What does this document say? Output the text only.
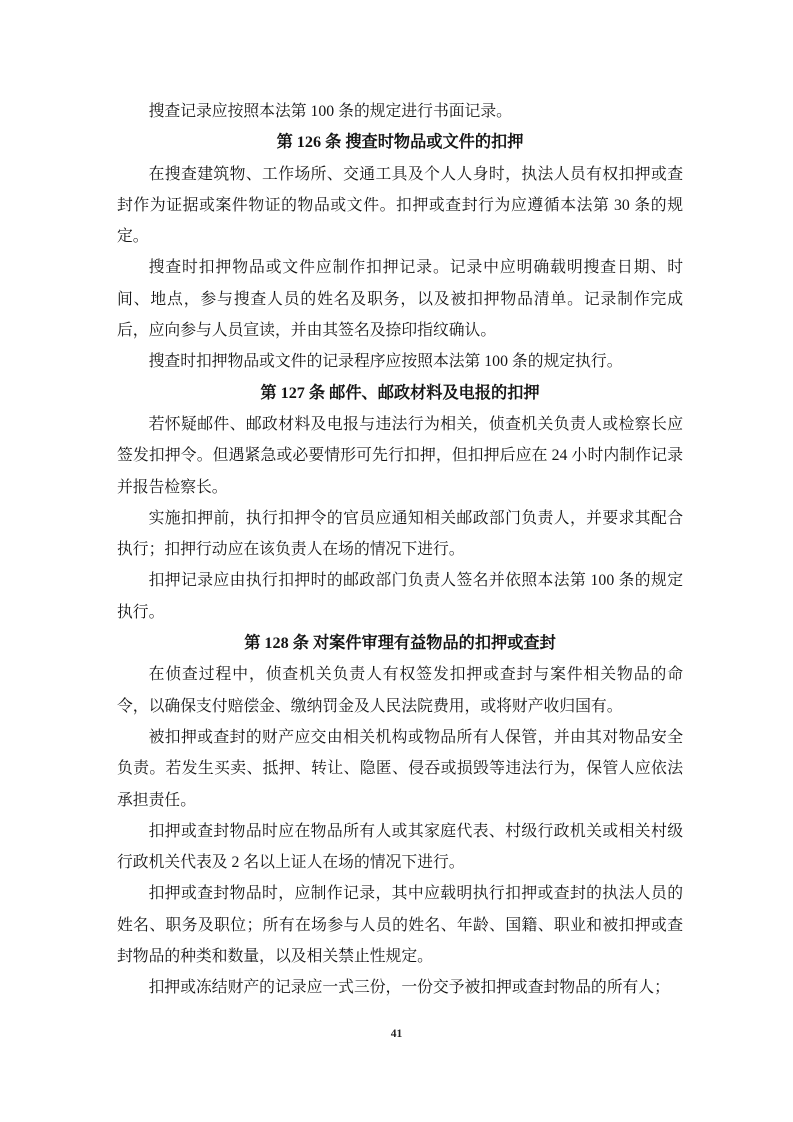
搜查记录应按照本法第 100 条的规定进行书面记录。

第 126 条 搜查时物品或文件的扣押

在搜查建筑物、工作场所、交通工具及个人人身时，执法人员有权扣押或查封作为证据或案件物证的物品或文件。扣押或查封行为应遵循本法第 30 条的规定。

搜查时扣押物品或文件应制作扣押记录。记录中应明确载明搜查日期、时间、地点，参与搜查人员的姓名及职务，以及被扣押物品清单。记录制作完成后，应向参与人员宣读，并由其签名及捺印指纹确认。

搜查时扣押物品或文件的记录程序应按照本法第 100 条的规定执行。

第 127 条 邮件、邮政材料及电报的扣押

若怀疑邮件、邮政材料及电报与违法行为相关，侦查机关负责人或检察长应签发扣押令。但遇紧急或必要情形可先行扣押，但扣押后应在 24 小时内制作记录并报告检察长。

实施扣押前，执行扣押令的官员应通知相关邮政部门负责人，并要求其配合执行；扣押行动应在该负责人在场的情况下进行。

扣押记录应由执行扣押时的邮政部门负责人签名并依照本法第 100 条的规定执行。

第 128 条 对案件审理有益物品的扣押或查封

在侦查过程中，侦查机关负责人有权签发扣押或查封与案件相关物品的命令，以确保支付赔偿金、缴纳罚金及人民法院费用，或将财产收归国有。

被扣押或查封的财产应交由相关机构或物品所有人保管，并由其对物品安全负责。若发生买卖、抵押、转让、隐匿、侵吞或损毁等违法行为，保管人应依法承担责任。

扣押或查封物品时应在物品所有人或其家庭代表、村级行政机关或相关村级行政机关代表及 2 名以上证人在场的情况下进行。

扣押或查封物品时，应制作记录，其中应载明执行扣押或查封的执法人员的姓名、职务及职位；所有在场参与人员的姓名、年龄、国籍、职业和被扣押或查封物品的种类和数量，以及相关禁止性规定。

扣押或冻结财产的记录应一式三份，一份交予被扣押或查封物品的所有人；

41
